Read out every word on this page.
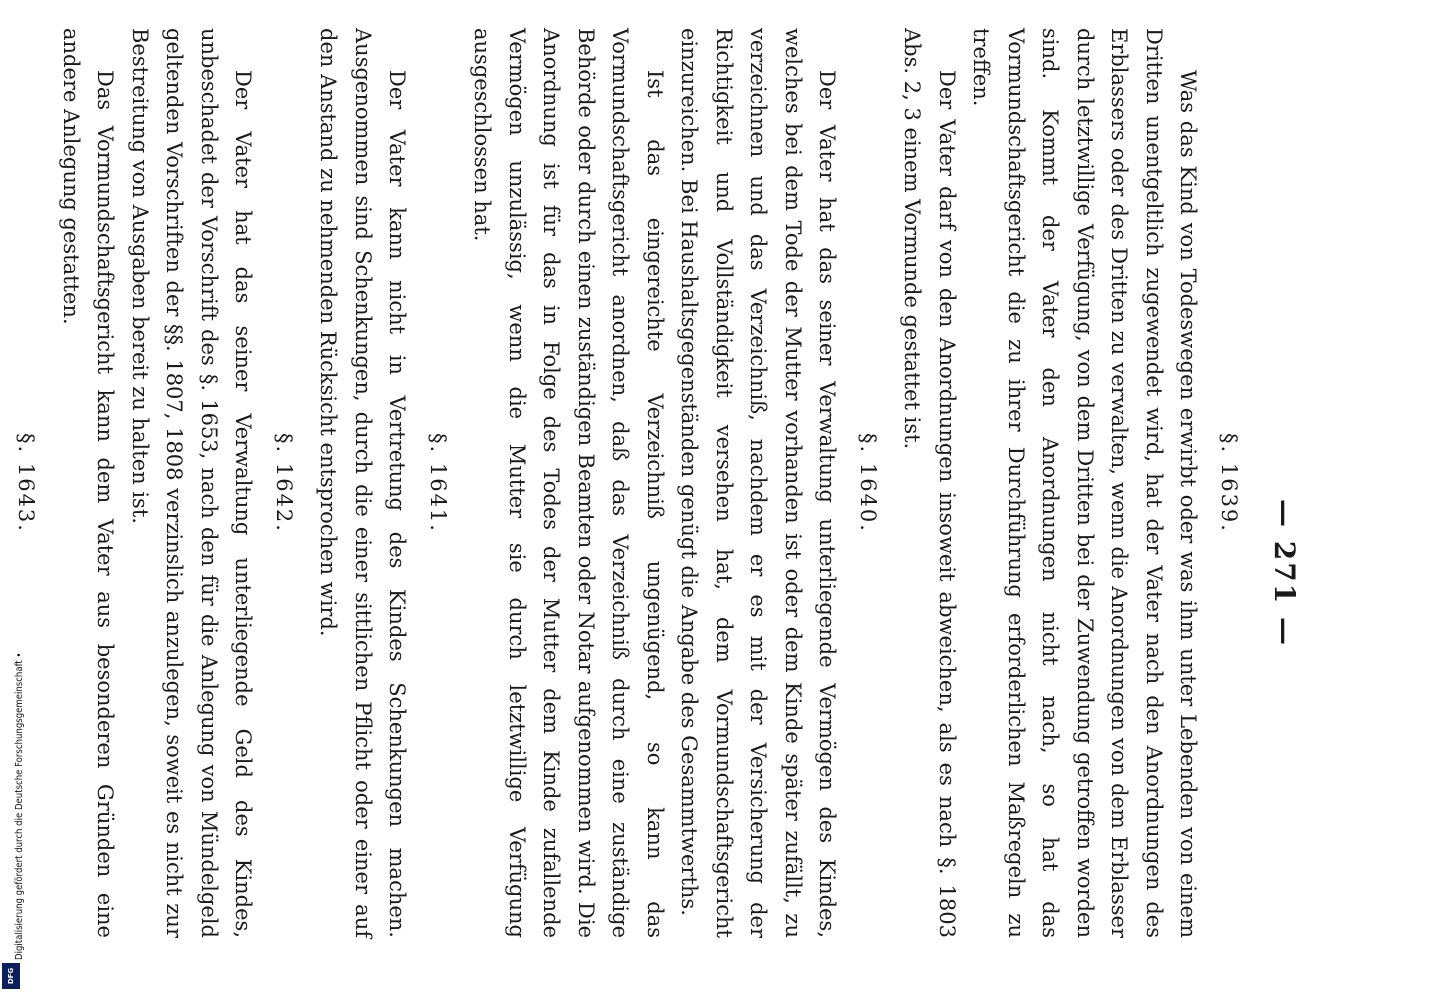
— 271 —
§. 1639.

Was das Kind von Todeswegen erwirbt oder was ihm unter Lebenden von einem Dritten unentgeltlich zugewendet wird, hat der Vater nach den Anordnungen des Erblassers oder des Dritten zu verwalten, wenn die Anordnungen von dem Erblasser durch letztwillige Verfügung, von dem Dritten bei der Zuwendung getroffen worden sind. Kommt der Vater den Anordnungen nicht nach, so hat das Vormundschaftsgericht die zu ihrer Durchführung erforderlichen Maßregeln zu treffen.

Der Vater darf von den Anordnungen insoweit abweichen, als es nach §. 1803 Abs. 2, 3 einem Vormunde gestattet ist.

§. 1640.

Der Vater hat das seiner Verwaltung unterliegende Vermögen des Kindes, welches bei dem Tode der Mutter vorhanden ist oder dem Kinde später zufällt, zu verzeichnen und das Verzeichniß, nachdem er es mit der Versicherung der Richtigkeit und Vollständigkeit versehen hat, dem Vormundschaftsgericht einzureichen. Bei Haushaltsgegenständen genügt die Angabe des Gesammtwerths.

Ist das eingereichte Verzeichniß ungenügend, so kann das Vormundschaftsgericht anordnen, daß das Verzeichniß durch eine zuständige Behörde oder durch einen zuständigen Beamten oder Notar aufgenommen wird. Die Anordnung ist für das in Folge des Todes der Mutter dem Kinde zufallende Vermögen unzulässig, wenn die Mutter sie durch letztwillige Verfügung ausgeschlossen hat.

§. 1641.

Der Vater kann nicht in Vertretung des Kindes Schenkungen machen. Ausgenommen sind Schenkungen, durch die einer sittlichen Pflicht oder einer auf den Anstand zu nehmenden Rücksicht entsprochen wird.

§. 1642.

Der Vater hat das seiner Verwaltung unterliegende Geld des Kindes, unbeschadet der Vorschrift des §. 1653, nach den für die Anlegung von Mündelgeld geltenden Vorschriften der §§. 1807, 1808 verzinslich anzulegen, soweit es nicht zur Bestreitung von Ausgaben bereit zu halten ist.

Das Vormundschaftsgericht kann dem Vater aus besonderen Gründen eine andere Anlegung gestatten.

§. 1643.

Digitalisierung gefördert durch die Deutsche Forschungsgemeinschaft •
DFG
